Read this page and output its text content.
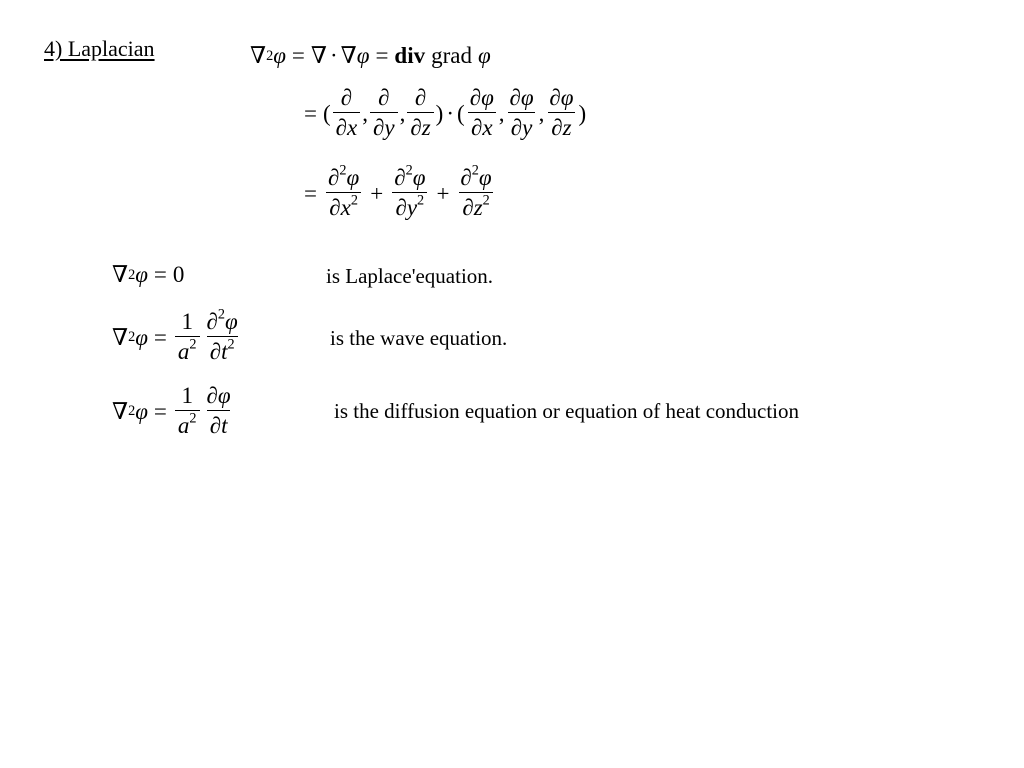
4) Laplacian	∇ 2 φ = ∇ · ∇ φ = div grad φ
= ( $\frac{\partial}{\partial x}$ , $\frac{\partial}{\partial y}$ , $\frac{\partial}{\partial z}$ ) · ( $\frac{\partial\varphi}{\partial x}$ , $\frac{\partial\varphi}{\partial y}$ , $\frac{\partial\varphi}{\partial z}$ )
= $\frac{\partial^2\varphi}{\partial x^2} + \frac{\partial^2\varphi}{\partial y^2} + \frac{\partial^2\varphi}{\partial z^2}$
∇ 2 φ = 0	is Laplace'equation.
∇ 2 $\varphi = \frac{1}{a^2} \frac{\partial^2\varphi}{\partial t^2}$	is the wave equation.
∇ 2 $\varphi = \frac{1}{a^2} \frac{\partial\varphi}{\partial t}$	is the diffusion equation or equation of heat conduction
